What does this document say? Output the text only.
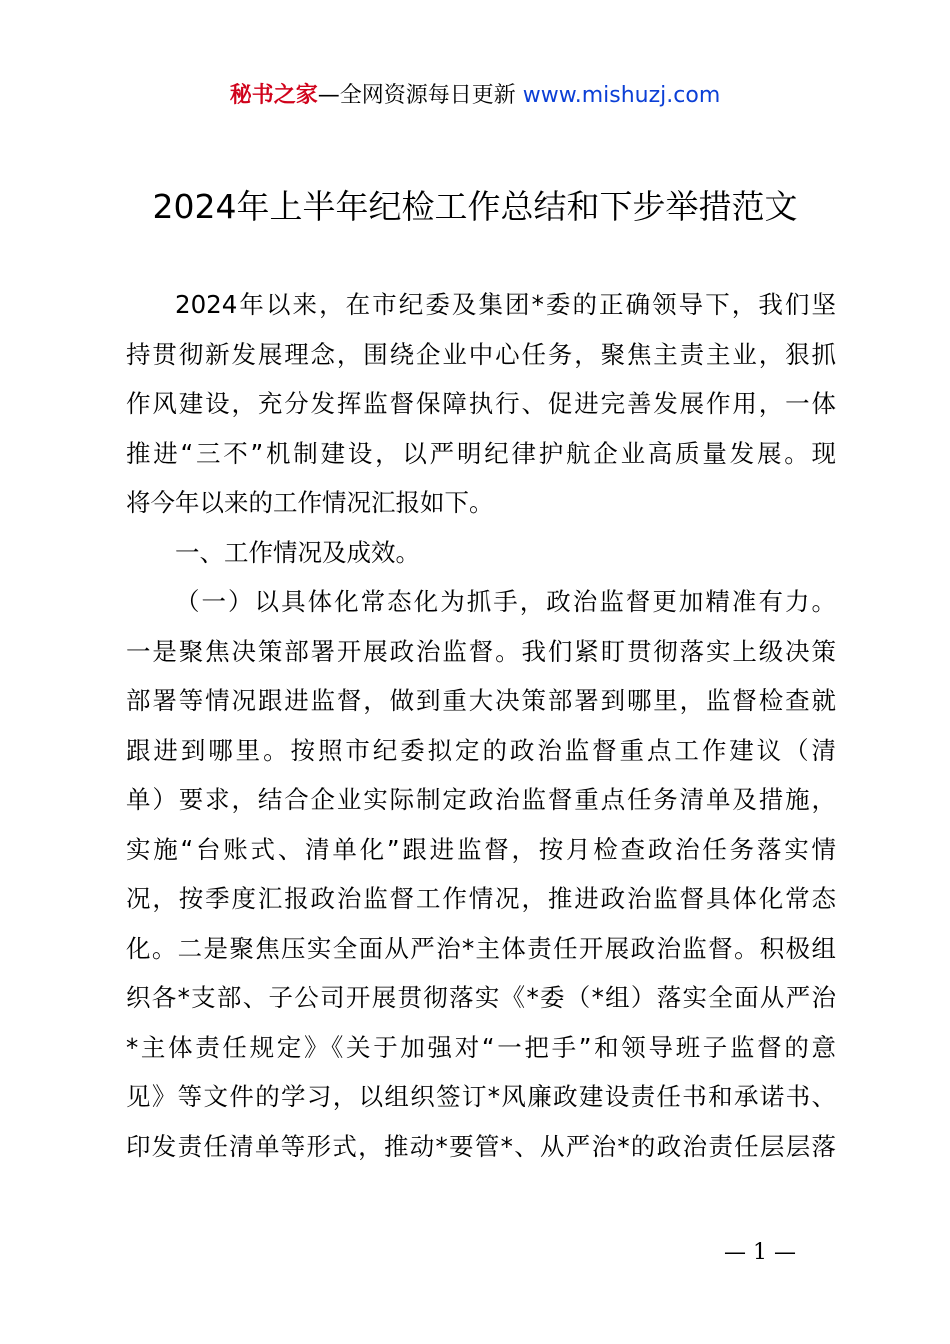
秘书之家—全网资源每日更新 www.mishuzj.com
2024年上半年纪检工作总结和下步举措范文
2024年以来，在市纪委及集团*委的正确领导下，我们坚
持贯彻新发展理念，围绕企业中心任务，聚焦主责主业，狠抓
作风建设，充分发挥监督保障执行、促进完善发展作用，一体
推进“三不”机制建设，以严明纪律护航企业高质量发展。现
将今年以来的工作情况汇报如下。
一、工作情况及成效。
（一）以具体化常态化为抓手，政治监督更加精准有力。
一是聚焦决策部署开展政治监督。我们紧盯贯彻落实上级决策
部署等情况跟进监督，做到重大决策部署到哪里，监督检查就
跟进到哪里。按照市纪委拟定的政治监督重点工作建议（清
单）要求，结合企业实际制定政治监督重点任务清单及措施，
实施“台账式、清单化”跟进监督，按月检查政治任务落实情
况，按季度汇报政治监督工作情况，推进政治监督具体化常态
化。二是聚焦压实全面从严治*主体责任开展政治监督。积极组
织各*支部、子公司开展贯彻落实《*委（*组）落实全面从严治
*主体责任规定》《关于加强对“一把手”和领导班子监督的意
见》等文件的学习，以组织签订*风廉政建设责任书和承诺书、
印发责任清单等形式，推动*要管*、从严治*的政治责任层层落
— 1 —
